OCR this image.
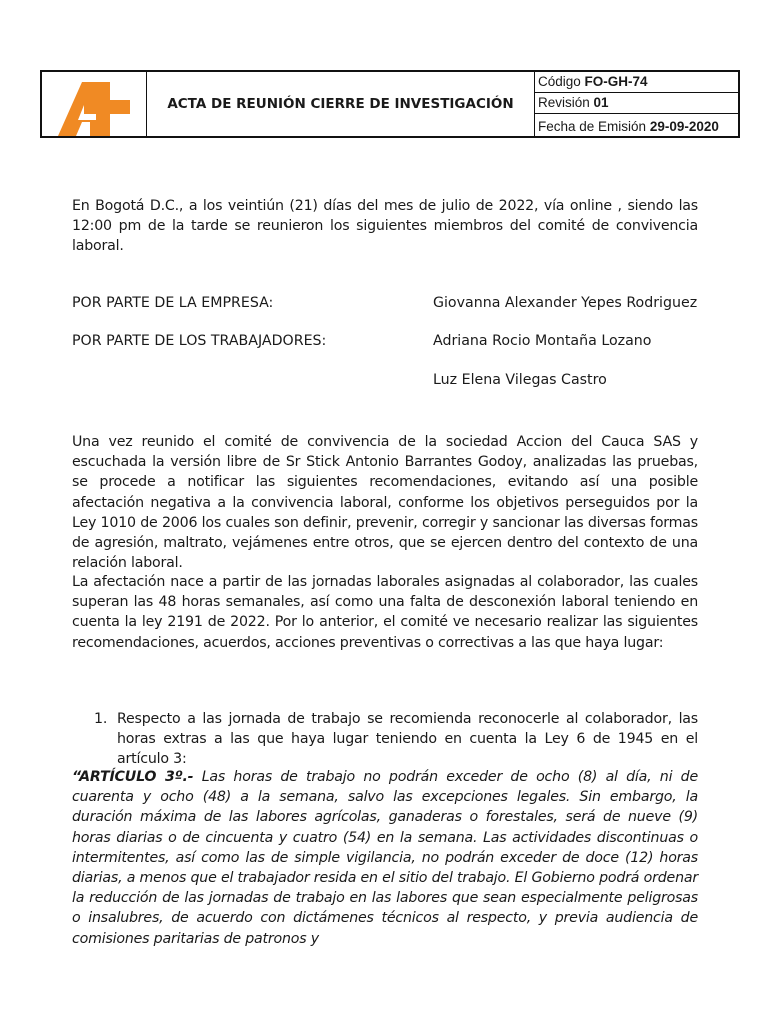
ACTA DE REUNIÓN CIERRE DE INVESTIGACIÓN
Código FO-GH-74
Revisión 01
Fecha de Emisión 29-09-2020

En Bogotá D.C., a los veintiún (21) días del mes de julio de 2022, vía online , siendo las 12:00 pm de la tarde se reunieron los siguientes miembros del comité de convivencia laboral.

POR PARTE DE LA EMPRESA:	Giovanna Alexander Yepes Rodriguez
POR PARTE DE LOS TRABAJADORES:	Adriana Rocio Montaña Lozano
Luz Elena Vilegas Castro

Una vez reunido el comité de convivencia de la sociedad Accion del Cauca SAS y escuchada la versión libre de Sr Stick Antonio Barrantes Godoy, analizadas las pruebas, se procede a notificar las siguientes recomendaciones, evitando así una posible afectación negativa a la convivencia laboral, conforme los objetivos perseguidos por la Ley 1010 de 2006 los cuales son definir, prevenir, corregir y sancionar las diversas formas de agresión, maltrato, vejámenes entre otros, que se ejercen dentro del contexto de una relación laboral.

La afectación nace a partir de las jornadas laborales asignadas al colaborador, las cuales superan las 48 horas semanales, así como una falta de desconexión laboral teniendo en cuenta la ley 2191 de 2022. Por lo anterior, el comité ve necesario realizar las siguientes recomendaciones, acuerdos, acciones preventivas o correctivas a las que haya lugar:

1. Respecto a las jornada de trabajo se recomienda reconocerle al colaborador, las horas extras a las que haya lugar teniendo en cuenta la Ley 6 de 1945 en el artículo 3:
“ARTÍCULO 3º.- Las horas de trabajo no podrán exceder de ocho (8) al día, ni de cuarenta y ocho (48) a la semana, salvo las excepciones legales. Sin embargo, la duración máxima de las labores agrícolas, ganaderas o forestales, será de nueve (9) horas diarias o de cincuenta y cuatro (54) en la semana. Las actividades discontinuas o intermitentes, así como las de simple vigilancia, no podrán exceder de doce (12) horas diarias, a menos que el trabajador resida en el sitio del trabajo. El Gobierno podrá ordenar la reducción de las jornadas de trabajo en las labores que sean especialmente peligrosas o insalubres, de acuerdo con dictámenes técnicos al respecto, y previa audiencia de comisiones paritarias de patronos y
